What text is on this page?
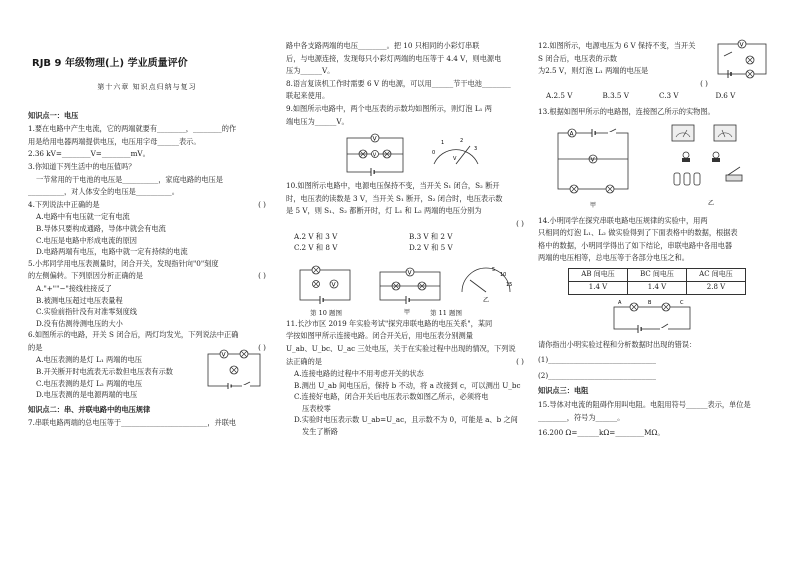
RJB 9 年级物理(上) 学业质量评价
第十六章 知识点归纳与复习
知识点一：电压

1.要在电路中产生电流，它的两端就要有________，________的作

用是给用电器两端提供电压，电压用字母______表示。

2.36 kV=________V=________mV。

3.你知道下列生活中的电压值吗？

一节常用的干电池的电压是__________，家庭电路的电压是

__________，对人体安全的电压是__________。

4.下列说法中正确的是	( )

A.电路中有电压就一定有电流

B.导体只要构成通路，导体中就会有电流

C.电压是电路中形成电流的原因

D.电路两端有电压，电路中就一定有持续的电流

5.小邦同学用电压表测量时，闭合开关，发现指针向"0"刻度

的左侧偏转。下列原因分析正确的是	( )

A."+""−"接线柱接反了

B.被测电压超过电压表量程

C.实验前指针没有对准零刻度线

D.没有估测待测电压的大小

6.如图所示的电路，开关 S 闭合后，两灯均发光，下列说法中正确

的是	( )

A.电压表测的是灯 L₁ 两端的电压

B.开关断开时电流表无示数但电压表有示数

C.电压表测的是灯 L₂ 两端的电压

D.电压表测的是电源两端的电压

V
知识点二：串、并联电路中的电压规律

7.串联电路两端的总电压等于________________________，并联电

路中各支路两端的电压________。把 10 只相同的小彩灯串联

后，与电源连接，发现每只小彩灯两端的电压等于 4.4 V，则电源电

压为______V。

8.语言复读机工作时需要 6 V 的电源，可以用______节干电池________

联起来使用。

9.如图所示电路中，两个电压表的示数均如图所示，则灯泡 L₁ 两

端电压为______V。

V
V	0
1	2
3
V

10.如图所示电路中，电源电压保持不变，当开关 S₁ 闭合，S₂ 断开

时，电压表的读数是 3 V，当开关 S₁ 断开，S₂ 闭合时，电压表示数

是 5 V，则 S₁、S₂ 都断开时，灯 L₁ 和 L₂ 两端的电压分别为

( )

A.2 V 和 3 V	B.3 V 和 2 V
C.2 V 和 8 V	D.2 V 和 5 V
V
第 10 题图
V
甲
5
10
15
乙
第 11 题图

11.长沙市区 2019 年实验考试"探究串联电路的电压关系"，某同

学按如图甲所示连接电路。闭合开关后，用电压表分别测量

U_ab、U_bc、U_ac 三处电压，关于在实验过程中出现的情况，下列说

法正确的是	( )

A.连接电路的过程中不用考虑开关的状态

B.测出 U_ab 间电压后，保持 b 不动，将 a 改接到 c，可以测出 U_bc

C.连接好电路，闭合开关后电压表示数如图乙所示，必须将电

压表校零

D.实验时电压表示数 U_ab=U_ac，且示数不为 0，可能是 a、b 之间

发生了断路

12.如图所示，电源电压为 6 V 保持不变，当开关

S 闭合后，电压表的示数

为2.5 V，则灯泡 L₁ 两端的电压是

V

( )

A.2.5 V	B.3.5 V	C.3 V	D.6 V

13.根据如图甲所示的电路图，连接图乙所示的实物图。

A
V
甲	乙

14.小明同学在探究串联电路电压规律的实验中，用两

只相同的灯泡 L₁、L₂ 做实验得到了下面表格中的数据，根据表

格中的数据，小明同学得出了如下结论，串联电路中各用电器

两端的电压相等，总电压等于各部分电压之和。

AB 间电压	BC 间电压	AC 间电压
1.4 V	1.4 V	2.8 V
A	B	C

请你指出小明实验过程和分析数据时出现的错误：

(1)______________________________

(2)______________________________

知识点三：电阻

15.导体对电流的阻碍作用叫电阻。电阻用符号______表示，单位是

________，符号为______。

16.200 Ω=______kΩ=________MΩ。
